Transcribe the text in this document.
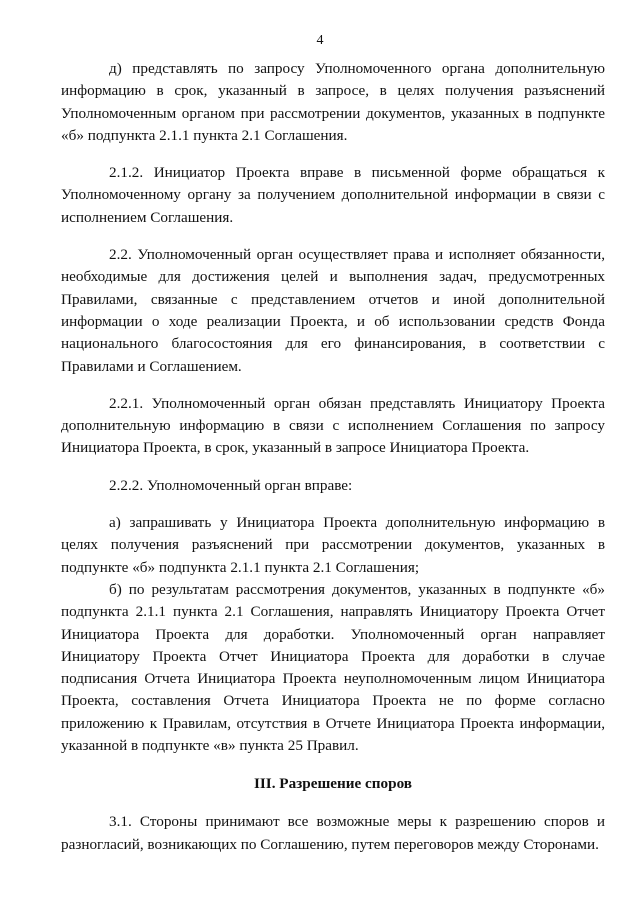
4

д) представлять по запросу Уполномоченного органа дополнительную информацию в срок, указанный в запросе, в целях получения разъяснений Уполномоченным органом при рассмотрении документов, указанных в подпункте «б» подпункта 2.1.1 пункта 2.1 Соглашения.

2.1.2. Инициатор Проекта вправе в письменной форме обращаться к Уполномоченному органу за получением дополнительной информации в связи с исполнением Соглашения.

2.2. Уполномоченный орган осуществляет права и исполняет обязанности, необходимые для достижения целей и выполнения задач, предусмотренных Правилами, связанные с представлением отчетов и иной дополнительной информации о ходе реализации Проекта, и об использовании средств Фонда национального благосостояния для его финансирования, в соответствии с Правилами и Соглашением.

2.2.1. Уполномоченный орган обязан представлять Инициатору Проекта дополнительную информацию в связи с исполнением Соглашения по запросу Инициатора Проекта, в срок, указанный в запросе Инициатора Проекта.

2.2.2. Уполномоченный орган вправе:

а) запрашивать у Инициатора Проекта дополнительную информацию в целях получения разъяснений при рассмотрении документов, указанных в подпункте «б» подпункта 2.1.1 пункта 2.1 Соглашения;

б) по результатам рассмотрения документов, указанных в подпункте «б» подпункта 2.1.1 пункта 2.1 Соглашения, направлять Инициатору Проекта Отчет Инициатора Проекта для доработки. Уполномоченный орган направляет Инициатору Проекта Отчет Инициатора Проекта для доработки в случае подписания Отчета Инициатора Проекта неуполномоченным лицом Инициатора Проекта, составления Отчета Инициатора Проекта не по форме согласно приложению к Правилам, отсутствия в Отчете Инициатора Проекта информации, указанной в подпункте «в» пункта 25 Правил.

III. Разрешение споров

3.1. Стороны принимают все возможные меры к разрешению споров и разногласий, возникающих по Соглашению, путем переговоров между Сторонами.
